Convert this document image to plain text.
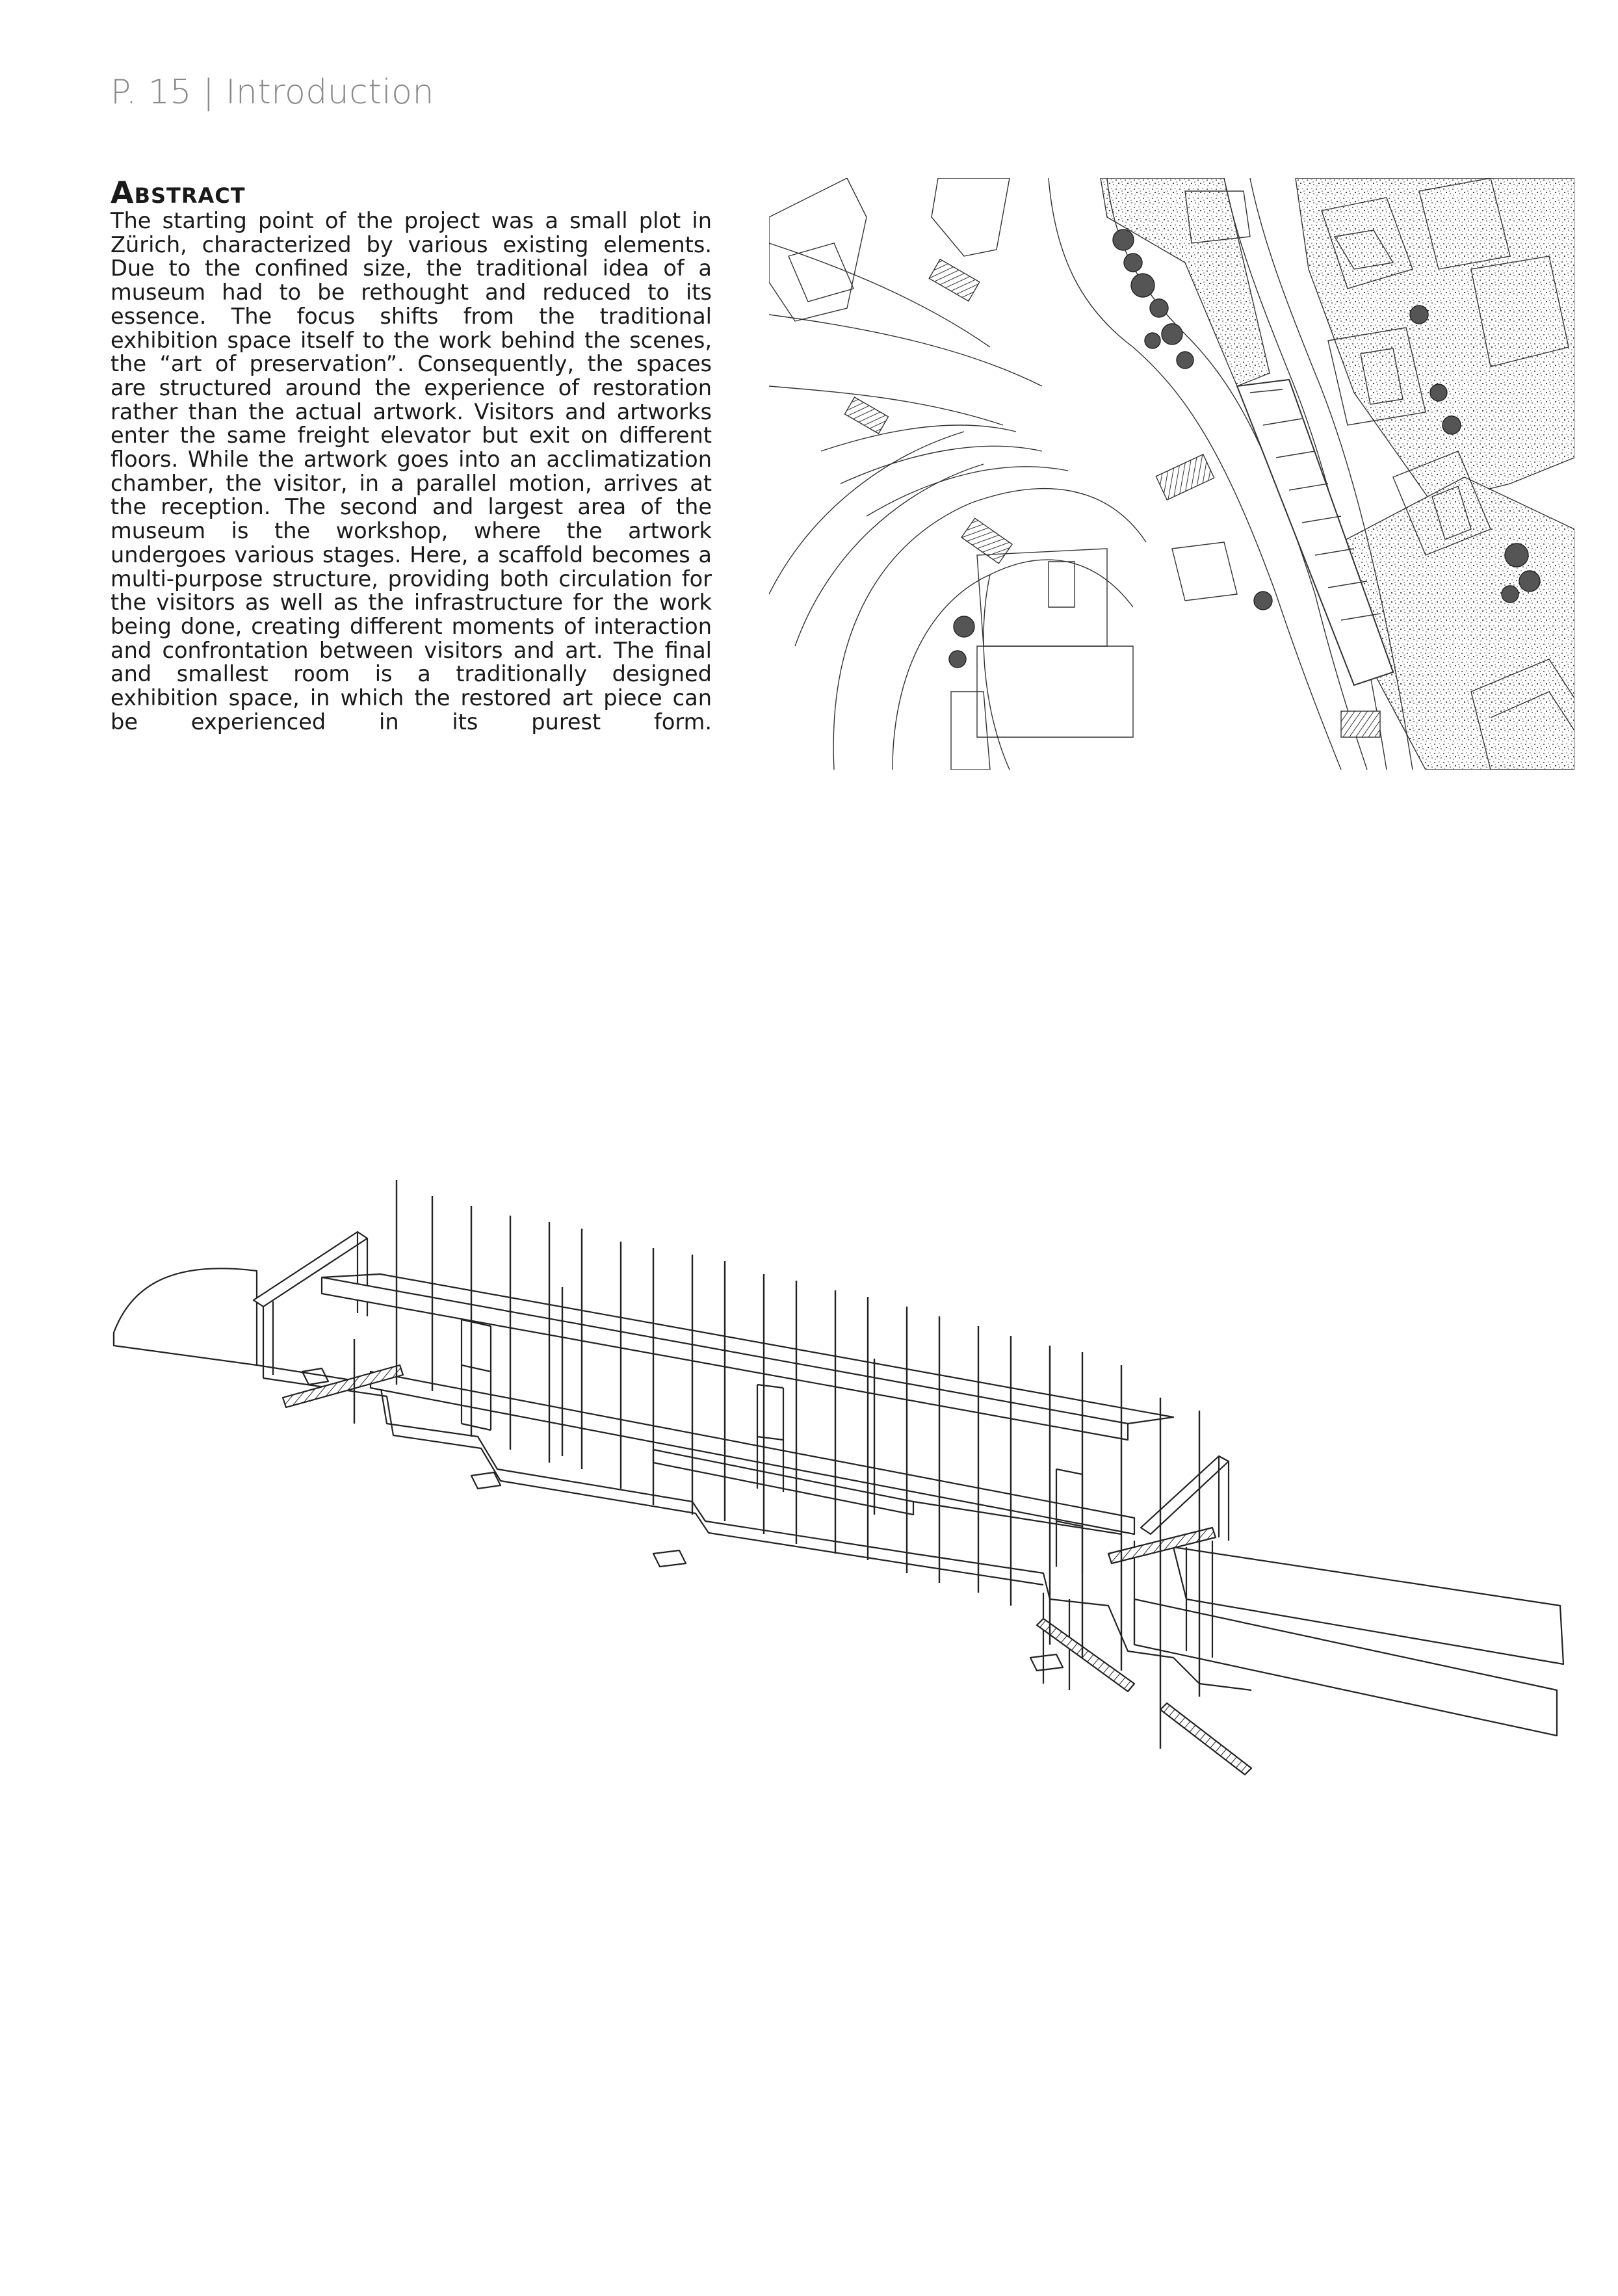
P. 15 | Introduction
Abstract

The starting point of the project was a small plot in Zürich, characterized by various existing elements. Due to the confined size, the traditional idea of a museum had to be rethought and reduced to its essence. The focus shifts from the traditional exhibition space itself to the work behind the scenes, the “art of preservation”. Consequently, the spaces are structured around the experience of restoration rather than the actual artwork. Visitors and artworks enter the same freight elevator but exit on different floors. While the artwork goes into an acclimatization chamber, the visitor, in a parallel motion, arrives at the reception. The second and largest area of the museum is the workshop, where the artwork undergoes various stages. Here, a scaffold becomes a multi-purpose structure, providing both circulation for the visitors as well as the infrastructure for the work being done, creating different moments of interaction and confrontation between visitors and art. The final and smallest room is a traditionally designed exhibition space, in which the restored art piece can be experienced in its purest form.
